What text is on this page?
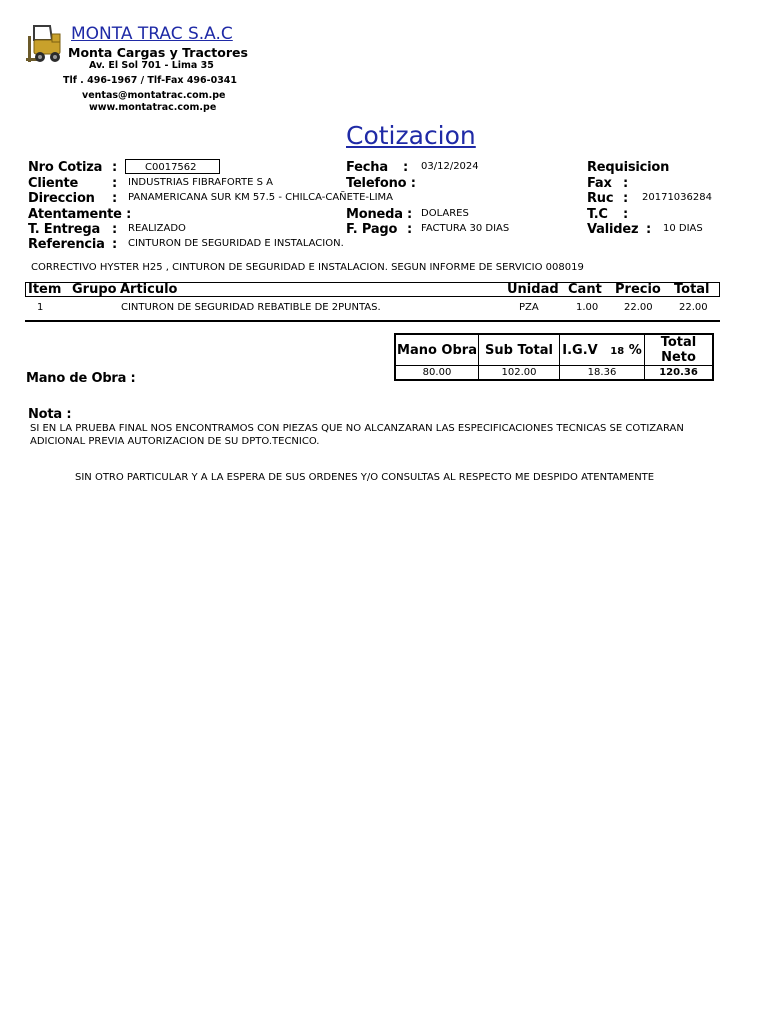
MONTA TRAC S.A.C
Monta Cargas y Tractores
Av. El Sol 701 - Lima 35
Tlf . 496-1967 / Tlf-Fax 496-0341
ventas@montatrac.com.pe
www.montatrac.com.pe
Cotizacion
Nro Cotiza :	C0017562
Cliente	: INDUSTRIAS FIBRAFORTE S A
Direccion : PANAMERICANA SUR KM 57.5 - CHILCA-CAÑETE-LIMA
Atentamente :
T. Entrega : REALIZADO
Referencia : CINTURON DE SEGURIDAD E INSTALACION.
Fecha : 03/12/2024
Telefono :
Moneda : DOLARES
F. Pago : FACTURA 30 DIAS
Requisicion
Fax :
Ruc : 20171036284
T.C :
Validez : 10 DIAS
CORRECTIVO HYSTER H25 , CINTURON DE SEGURIDAD E INSTALACION. SEGUN INFORME DE SERVICIO 008019
Item Grupo Articulo	Unidad Cant Precio Total
1	CINTURON DE SEGURIDAD REBATIBLE DE 2PUNTAS.	PZA	1.00	22.00	22.00
Mano Obra	Sub Total	I.G.V 18 %	Total Neto
80.00	102.00	18.36	120.36
Mano de Obra :
Nota :
SI EN LA PRUEBA FINAL NOS ENCONTRAMOS CON PIEZAS QUE NO ALCANZARAN LAS ESPECIFICACIONES TECNICAS SE COTIZARAN
ADICIONAL PREVIA AUTORIZACION DE SU DPTO.TECNICO.
SIN OTRO PARTICULAR Y A LA ESPERA DE SUS ORDENES Y/O CONSULTAS AL RESPECTO ME DESPIDO ATENTAMENTE
